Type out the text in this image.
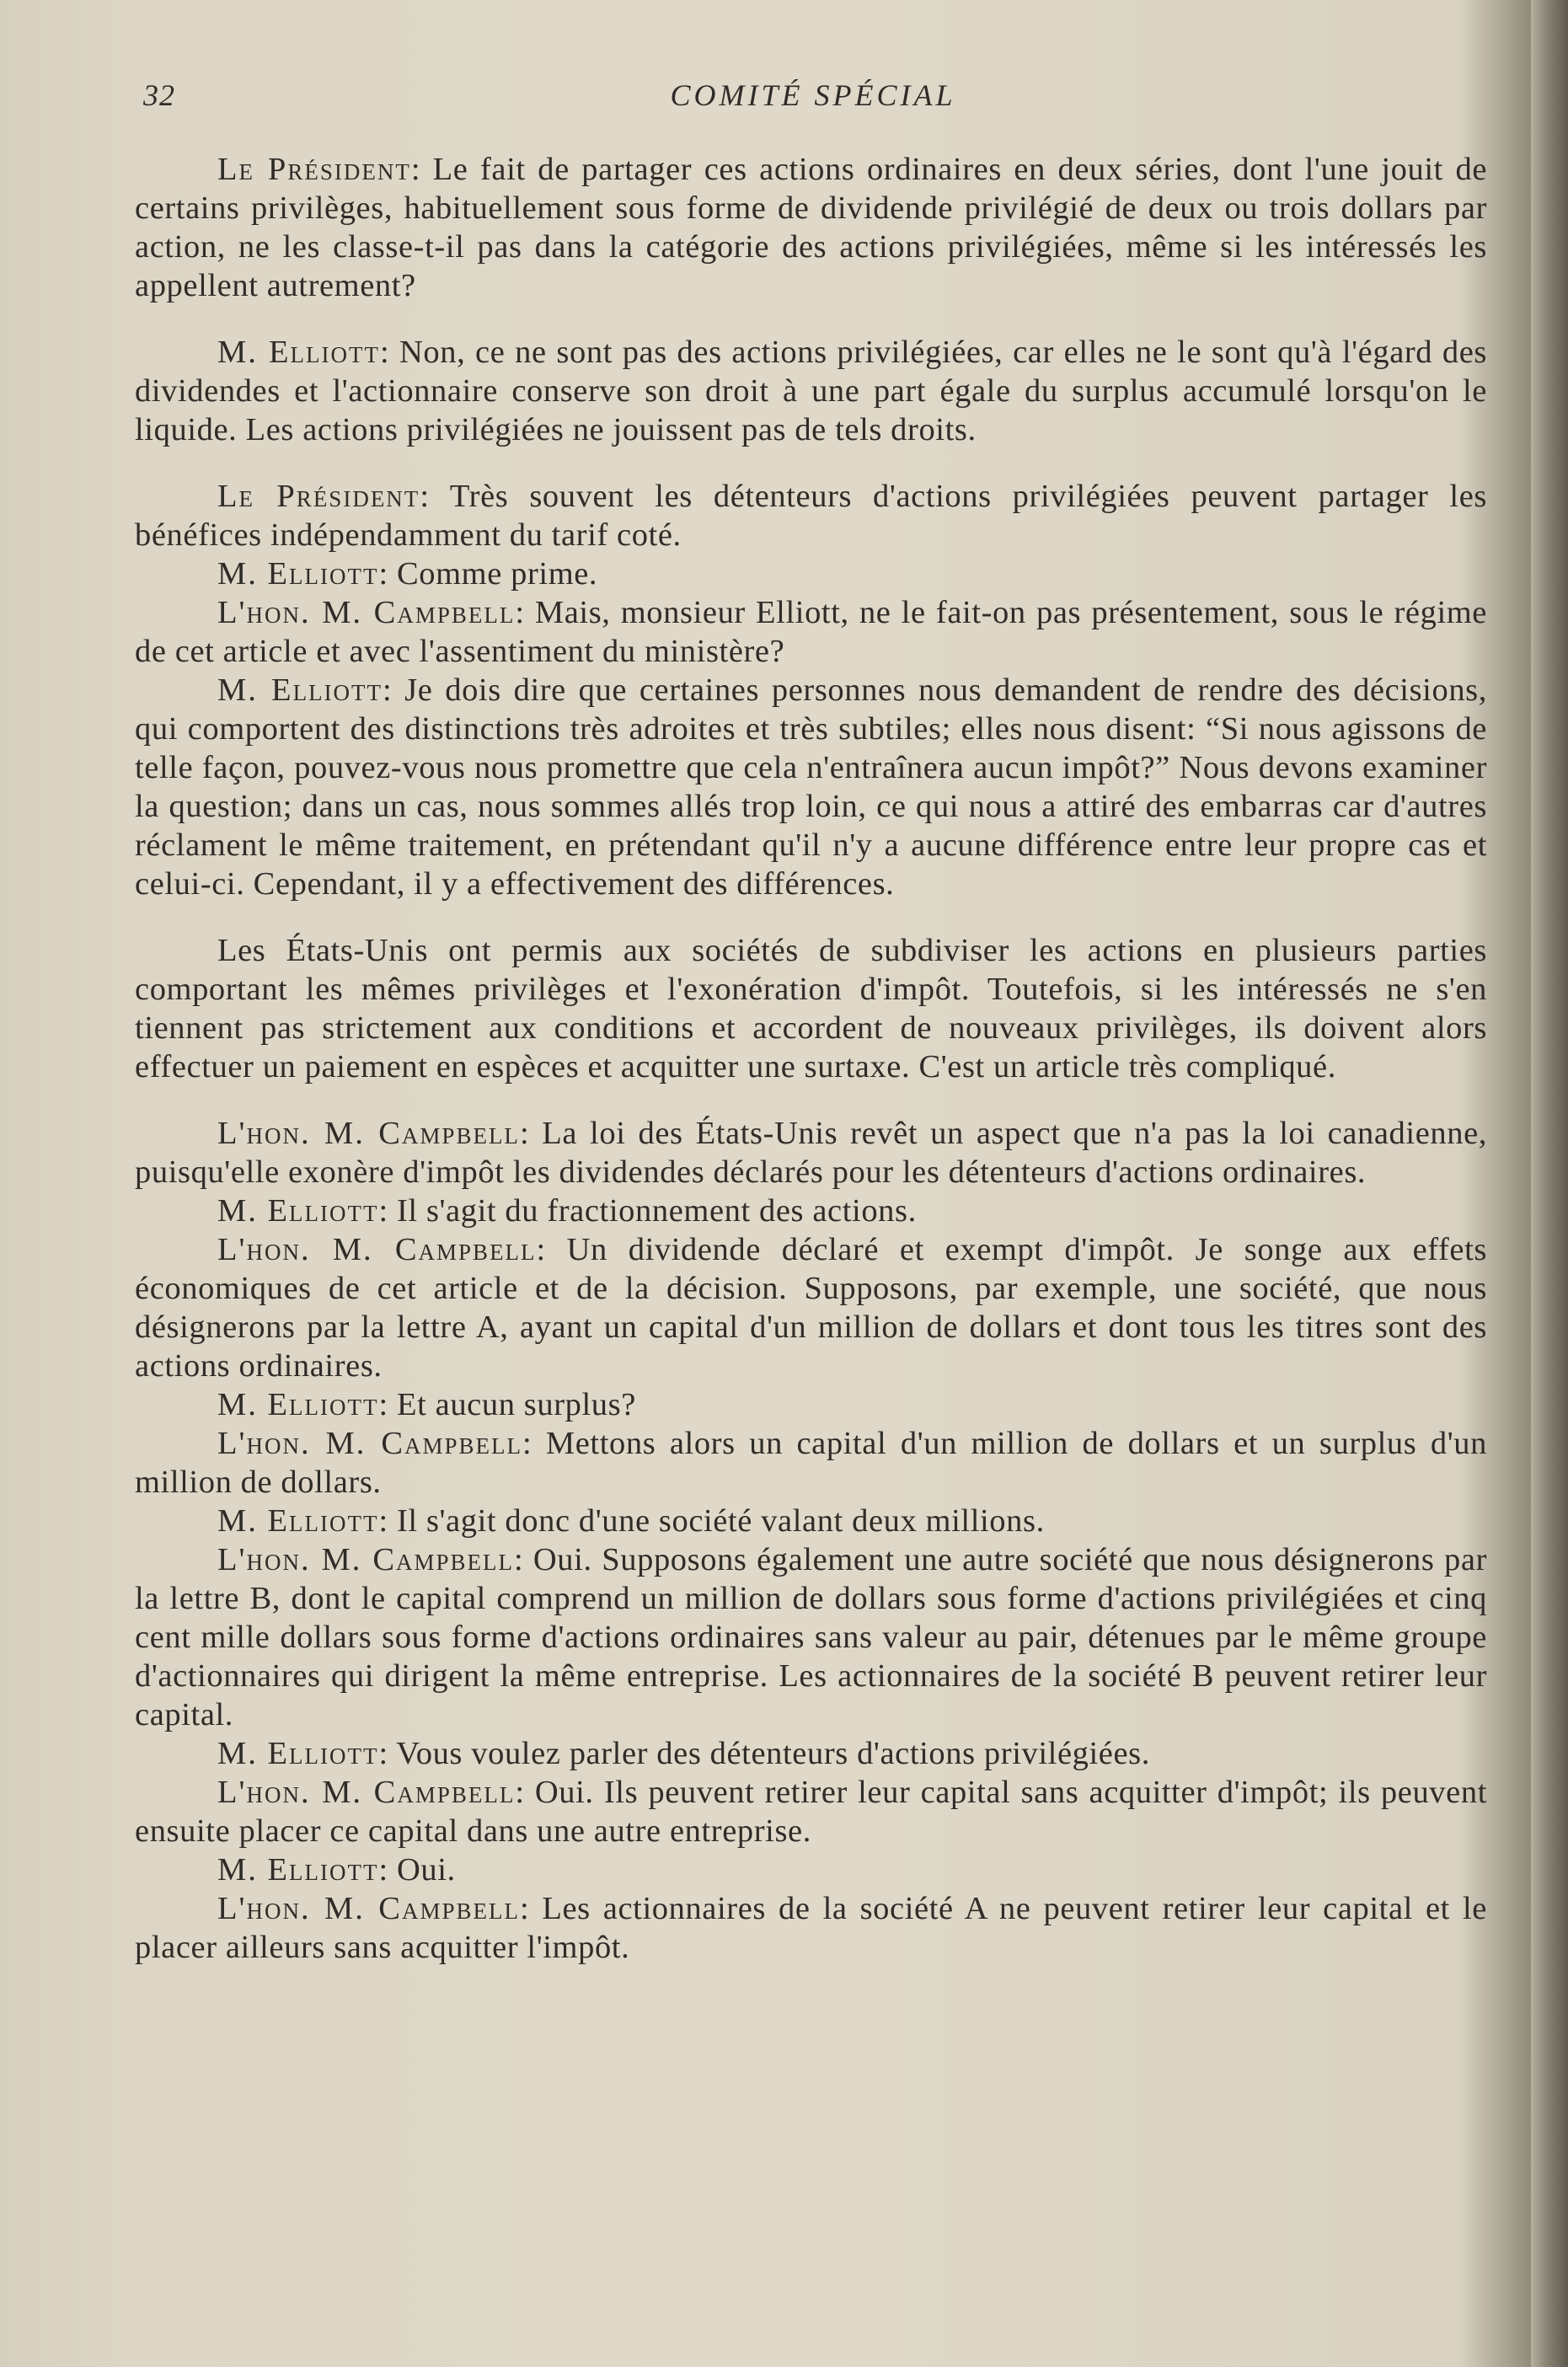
32	COMITÉ SPÉCIAL

Le Président: Le fait de partager ces actions ordinaires en deux séries, dont l'une jouit de certains privilèges, habituellement sous forme de dividende privilégié de deux ou trois dollars par action, ne les classe-t-il pas dans la catégorie des actions privilégiées, même si les intéressés les appellent autrement?

M. Elliott: Non, ce ne sont pas des actions privilégiées, car elles ne le sont qu'à l'égard des dividendes et l'actionnaire conserve son droit à une part égale du surplus accumulé lorsqu'on le liquide. Les actions privilégiées ne jouissent pas de tels droits.

Le Président: Très souvent les détenteurs d'actions privilégiées peuvent partager les bénéfices indépendamment du tarif coté.

M. Elliott: Comme prime.

L'hon. M. Campbell: Mais, monsieur Elliott, ne le fait-on pas présentement, sous le régime de cet article et avec l'assentiment du ministère?

M. Elliott: Je dois dire que certaines personnes nous demandent de rendre des décisions, qui comportent des distinctions très adroites et très subtiles; elles nous disent: “Si nous agissons de telle façon, pouvez-vous nous promettre que cela n'entraînera aucun impôt?” Nous devons examiner la question; dans un cas, nous sommes allés trop loin, ce qui nous a attiré des embarras car d'autres réclament le même traitement, en prétendant qu'il n'y a aucune différence entre leur propre cas et celui-ci. Cependant, il y a effectivement des différences.

Les États-Unis ont permis aux sociétés de subdiviser les actions en plusieurs parties comportant les mêmes privilèges et l'exonération d'impôt. Toutefois, si les intéressés ne s'en tiennent pas strictement aux conditions et accordent de nouveaux privilèges, ils doivent alors effectuer un paiement en espèces et acquitter une surtaxe. C'est un article très compliqué.

L'hon. M. Campbell: La loi des États-Unis revêt un aspect que n'a pas la loi canadienne, puisqu'elle exonère d'impôt les dividendes déclarés pour les détenteurs d'actions ordinaires.

M. Elliott: Il s'agit du fractionnement des actions.

L'hon. M. Campbell: Un dividende déclaré et exempt d'impôt. Je songe aux effets économiques de cet article et de la décision. Supposons, par exemple, une société, que nous désignerons par la lettre A, ayant un capital d'un million de dollars et dont tous les titres sont des actions ordinaires.

M. Elliott: Et aucun surplus?

L'hon. M. Campbell: Mettons alors un capital d'un million de dollars et un surplus d'un million de dollars.

M. Elliott: Il s'agit donc d'une société valant deux millions.

L'hon. M. Campbell: Oui. Supposons également une autre société que nous désignerons par la lettre B, dont le capital comprend un million de dollars sous forme d'actions privilégiées et cinq cent mille dollars sous forme d'actions ordinaires sans valeur au pair, détenues par le même groupe d'actionnaires qui dirigent la même entreprise. Les actionnaires de la société B peuvent retirer leur capital.

M. Elliott: Vous voulez parler des détenteurs d'actions privilégiées.

L'hon. M. Campbell: Oui. Ils peuvent retirer leur capital sans acquitter d'impôt; ils peuvent ensuite placer ce capital dans une autre entreprise.

M. Elliott: Oui.

L'hon. M. Campbell: Les actionnaires de la société A ne peuvent retirer leur capital et le placer ailleurs sans acquitter l'impôt.
